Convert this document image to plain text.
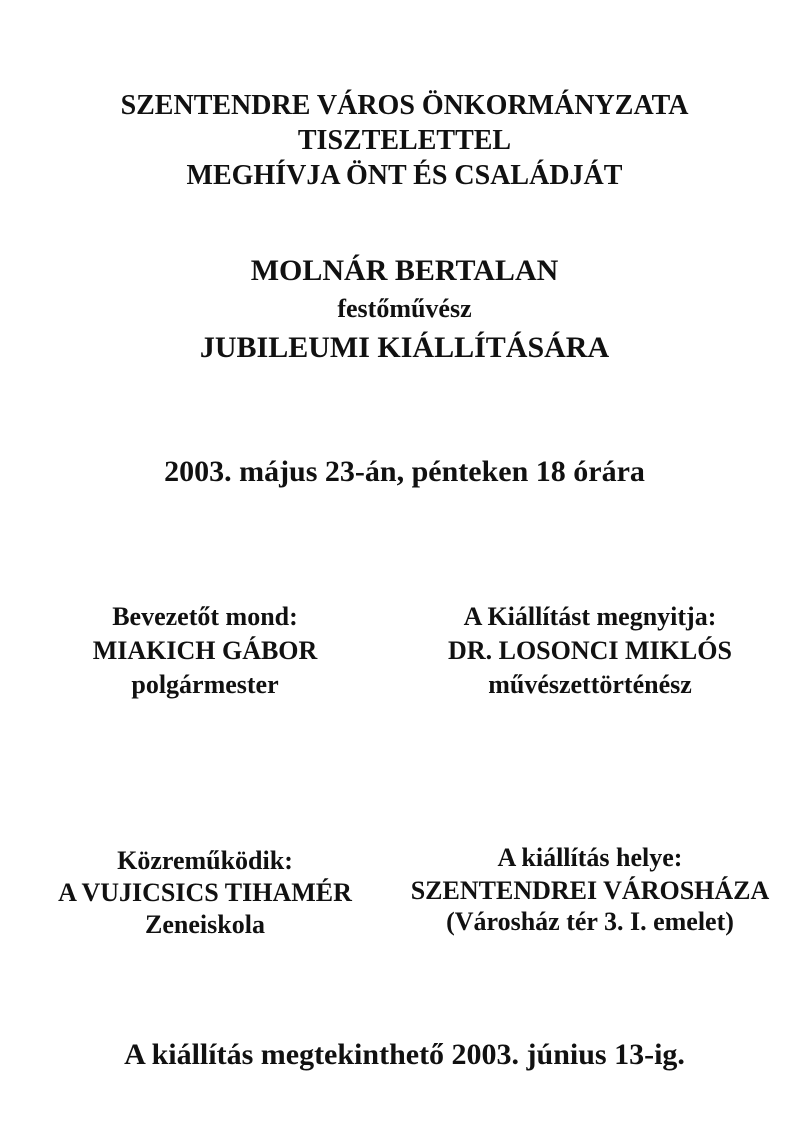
SZENTENDRE VÁROS ÖNKORMÁNYZATA
TISZTELETTEL
MEGHÍVJA ÖNT ÉS CSALÁDJÁT
MOLNÁR BERTALAN
festőművész
JUBILEUMI KIÁLLÍTÁSÁRA
2003. május 23-án, pénteken 18 órára
Bevezetőt mond:
MIAKICH GÁBOR
polgármester
A Kiállítást megnyitja:
DR. LOSONCI MIKLÓS
művészettörténész
Közreműködik:
A VUJICSICS TIHAMÉR
Zeneiskola
A kiállítás helye:
SZENTENDREI VÁROSHÁZA
(Városház tér 3. I. emelet)
A kiállítás megtekinthető 2003. június 13-ig.
